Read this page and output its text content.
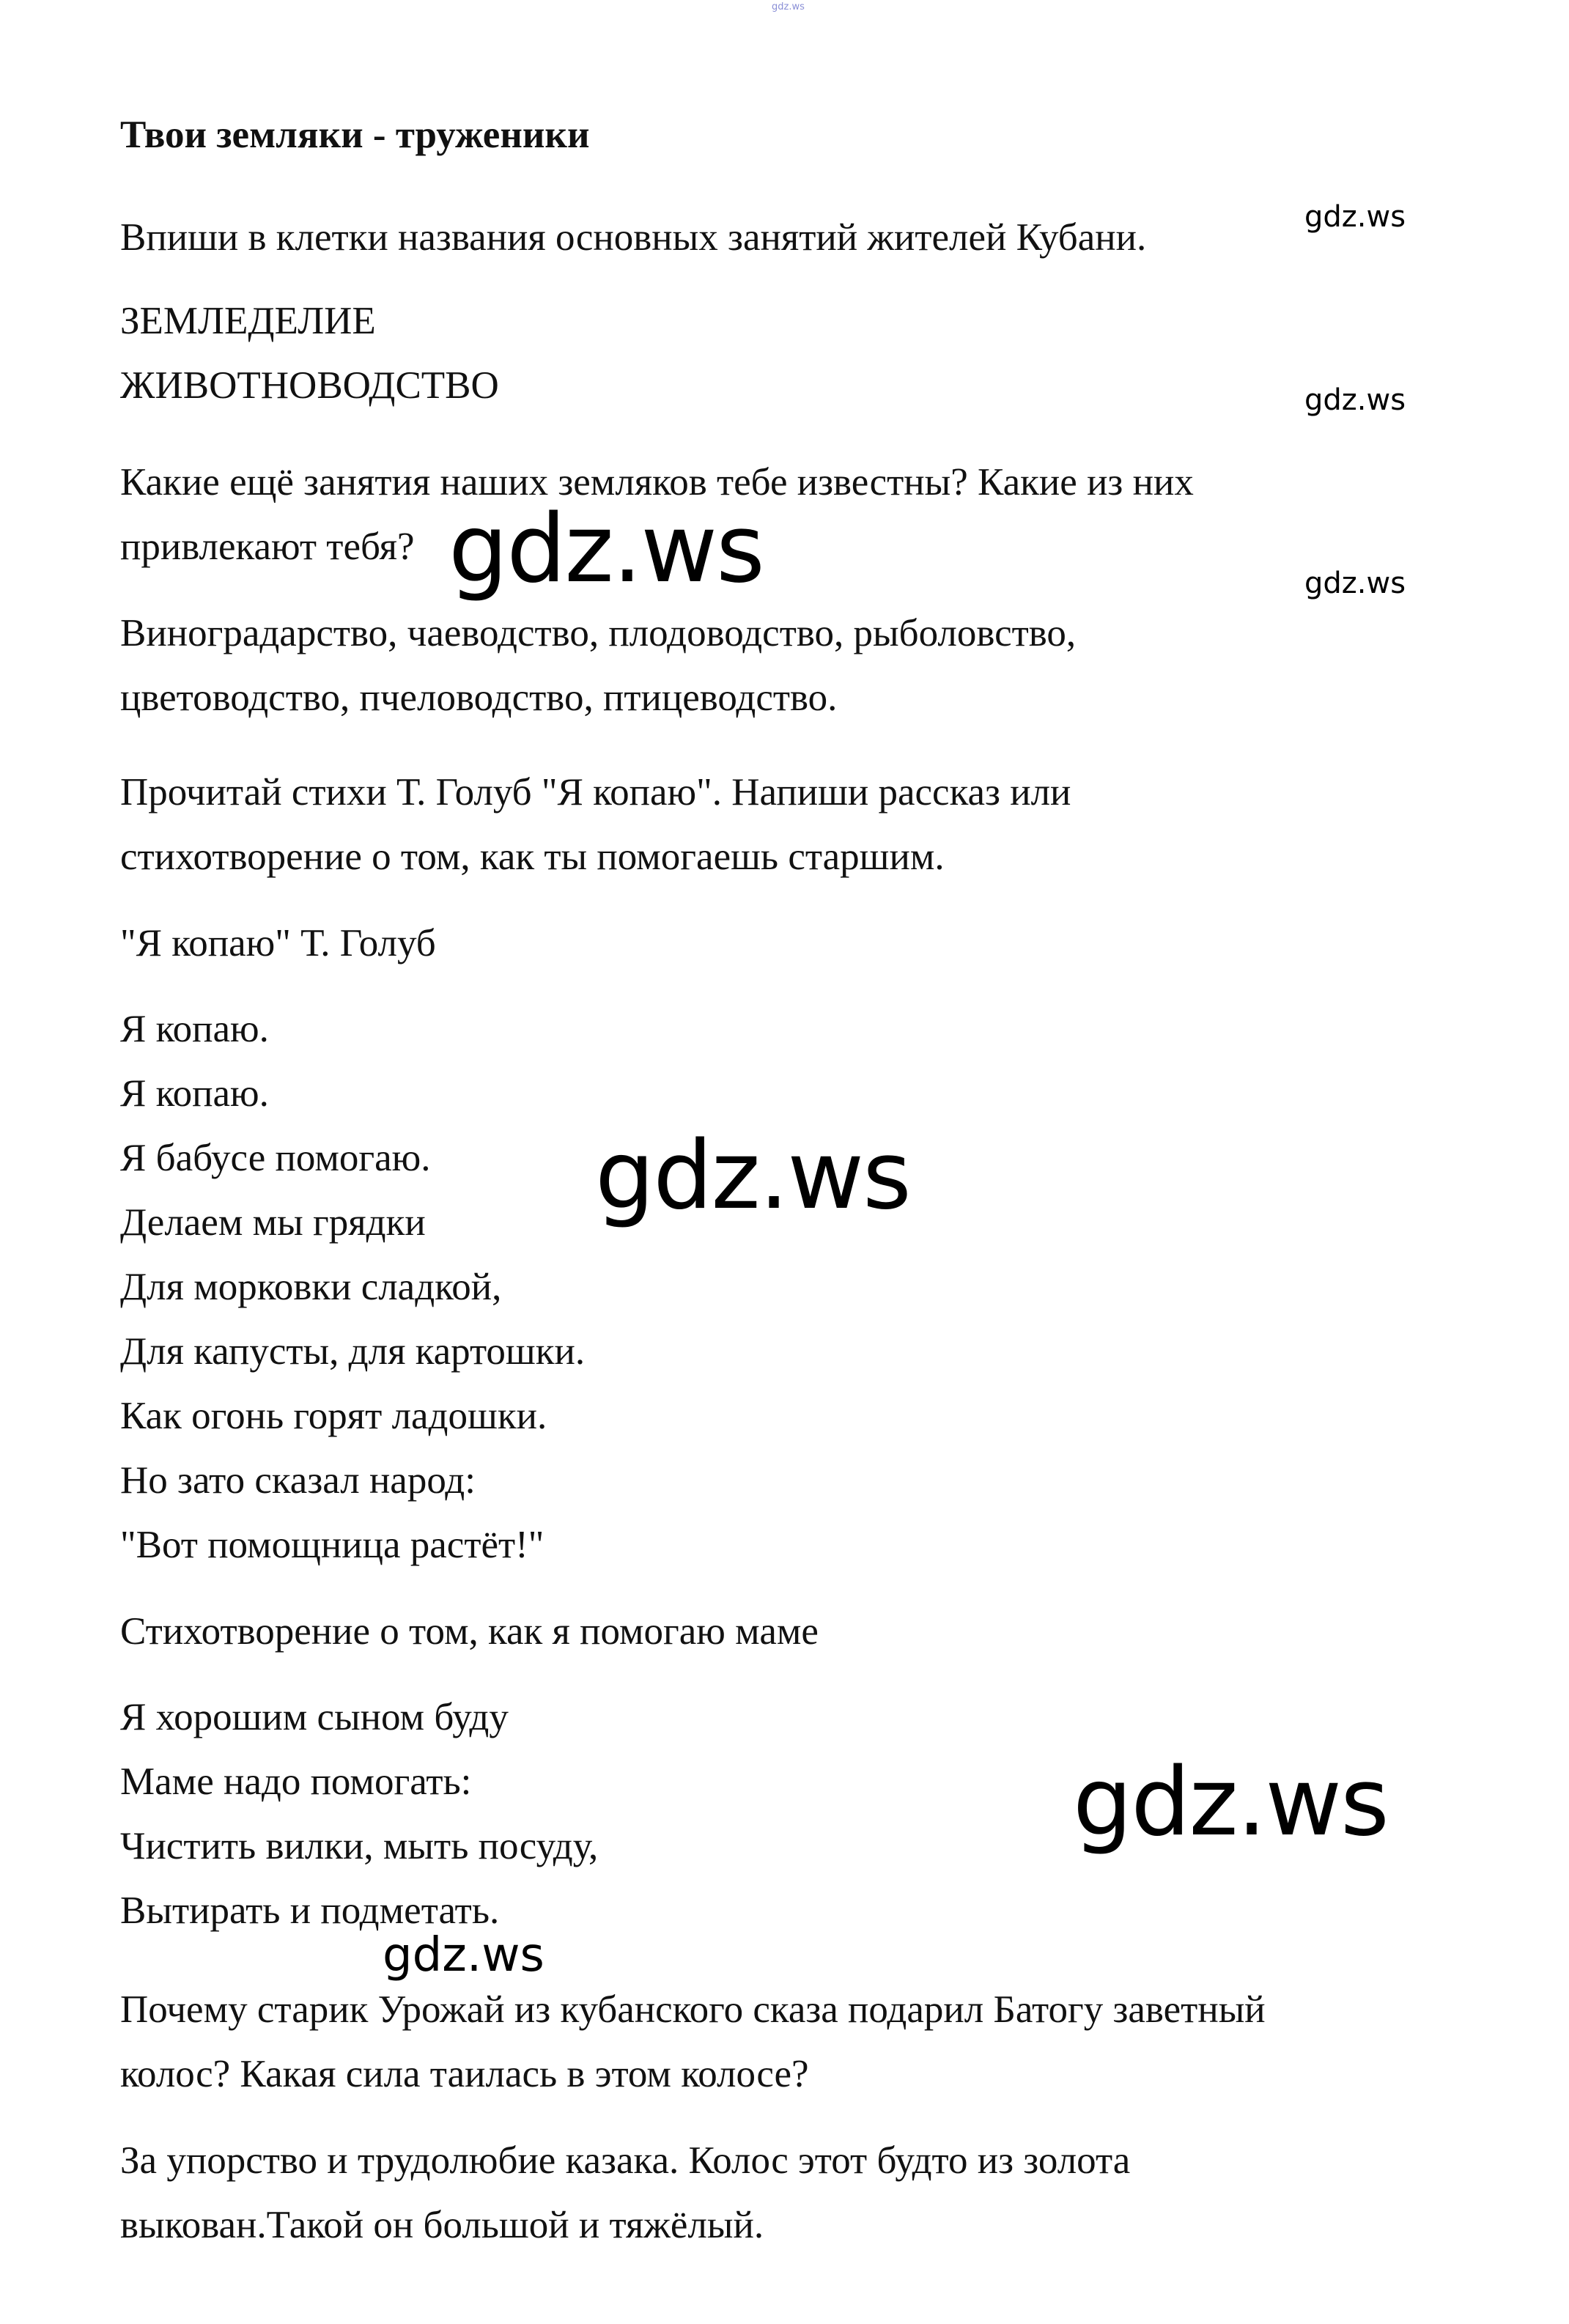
gdz.ws
Твои земляки - труженики
Впиши в клетки названия основных занятий жителей Кубани.
ЗЕМЛЕДЕЛИЕ
ЖИВОТНОВОДСТВО
Какие ещё занятия наших земляков тебе известны? Какие из них
привлекают тебя?
Виноградарство, чаеводство, плодоводство, рыболовство,
цветоводство, пчеловодство, птицеводство.
Прочитай стихи Т. Голуб "Я копаю". Напиши рассказ или
стихотворение о том, как ты помогаешь старшим.
"Я копаю" Т. Голуб
Я копаю.
Я копаю.
Я бабусе помогаю.
Делаем мы грядки
Для морковки сладкой,
Для капусты, для картошки.
Как огонь горят ладошки.
Но зато сказал народ:
"Вот помощница растёт!"
Стихотворение о том, как я помогаю маме
Я хорошим сыном буду
Маме надо помогать:
Чистить вилки, мыть посуду,
Вытирать и подметать.
Почему старик Урожай из кубанского сказа подарил Батогу заветный
колос? Какая сила таилась в этом колосе?
За упорство и трудолюбие казака. Колос этот будто из золота
выкован.Такой он большой и тяжёлый.
gdz.ws
gdz.ws
gdz.ws
gdz.ws
gdz.ws
gdz.ws
gdz.ws
